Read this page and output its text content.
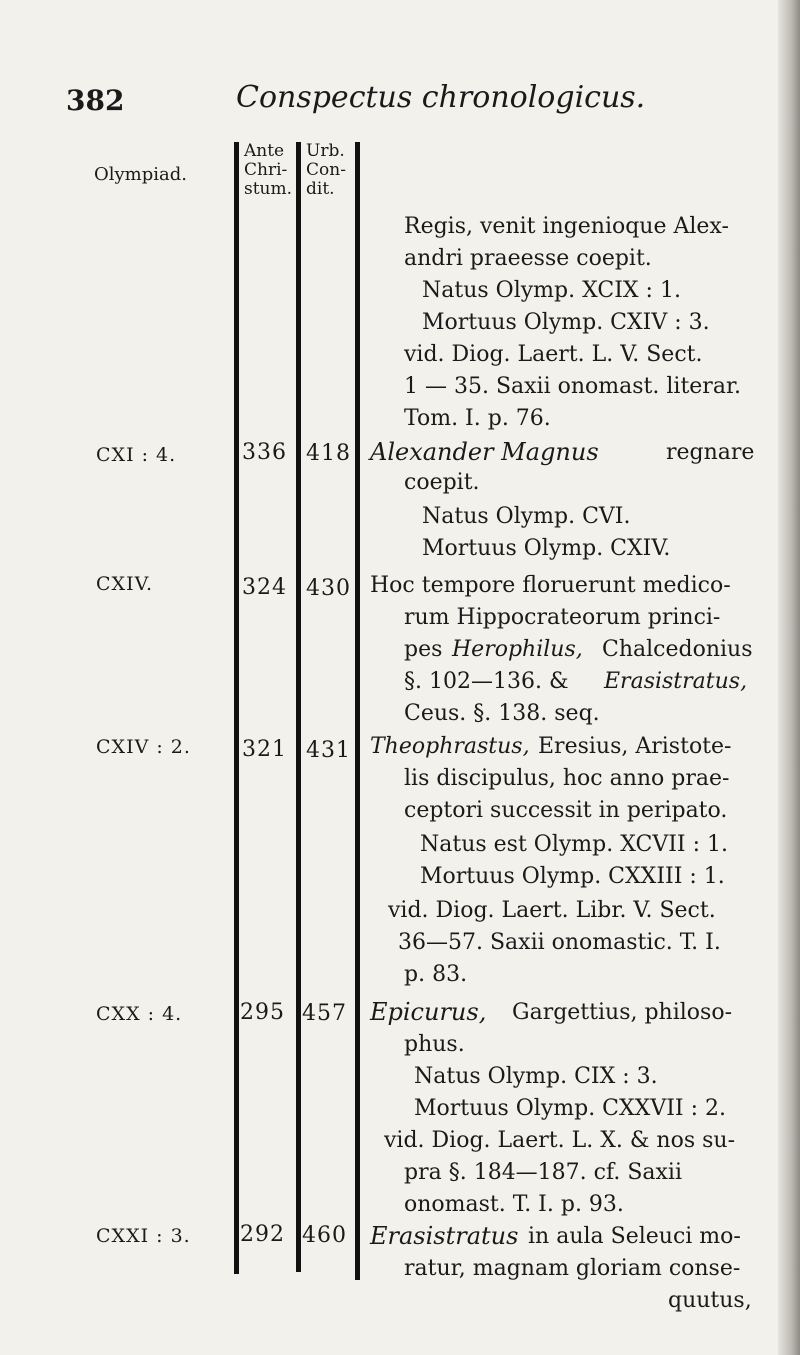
382	Conspectus chronologicus.
Olympiad.
Ante
Chri-
stum.
Urb.
Con-
dit.
CXI : 4.
CXIV.
CXIV : 2.
CXX : 4.
CXXI : 3.
336
324
321
295
292
418
430
431
457
460
Regis, venit ingenioque Alex-
andri praeesse coepit.
Natus Olymp. XCIX : 1.
Mortuus Olymp. CXIV : 3.
vid. Diog. Laert. L. V. Sect.
1 — 35. Saxii onomast. literar.
Tom. I. p. 76.
Alexander Magnus	regnare
coepit.
Natus Olymp. CVI.
Mortuus Olymp. CXIV.
Hoc tempore floruerunt medico-
rum Hippocrateorum princi-
pes Herophilus, Chalcedonius
§. 102—136. & Erasistratus,
Ceus. §. 138. seq.
Theophrastus, Eresius, Aristote-
lis discipulus, hoc anno prae-
ceptori successit in peripato.
Natus est Olymp. XCVII : 1.
Mortuus Olymp. CXXIII : 1.
vid. Diog. Laert. Libr. V. Sect.
36—57. Saxii onomastic. T. I.
p. 83.
Epicurus, Gargettius, philoso-
phus.
Natus Olymp. CIX : 3.
Mortuus Olymp. CXXVII : 2.
vid. Diog. Laert. L. X. & nos su-
pra §. 184—187. cf. Saxii
onomast. T. I. p. 93.
Erasistratus in aula Seleuci mo-
ratur, magnam gloriam conse-
quutus,
